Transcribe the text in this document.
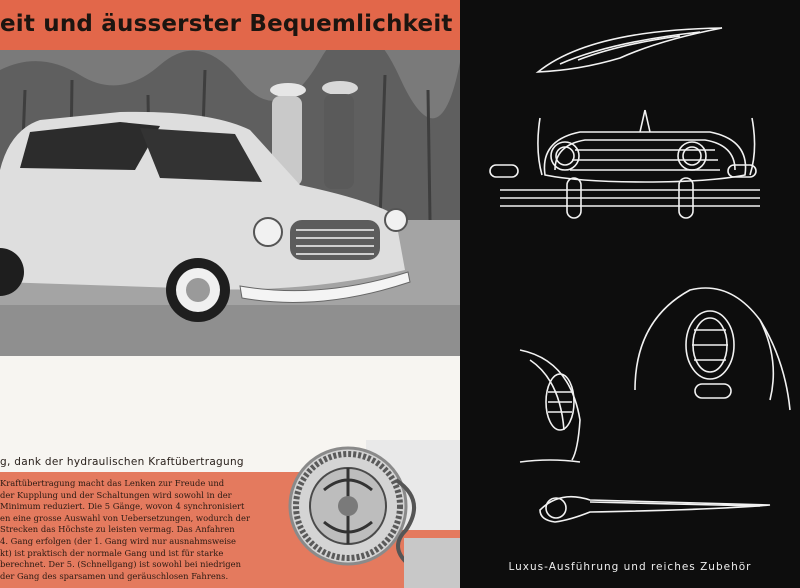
eit und äusserster Bequemlichkeit
g, dank der hydraulischen Kraftübertragung
Kraftübertragung macht das Lenken zur Freude und
der Kupplung und der Schaltungen wird sowohl in der
Minimum reduziert. Die 5 Gänge, wovon 4 synchronisiert
en eine grosse Auswahl von Uebersetzungen, wodurch der
Strecken das Höchste zu leisten vermag. Das Anfahren
4. Gang erfolgen (der 1. Gang wird nur ausnahmsweise
kt) ist praktisch der normale Gang und ist für starke
berechnet. Der 5. (Schnellgang) ist sowohl bei niedrigen
der Gang des sparsamen und geräuschlosen Fahrens.
Luxus-Ausführung und reiches Zubehör
